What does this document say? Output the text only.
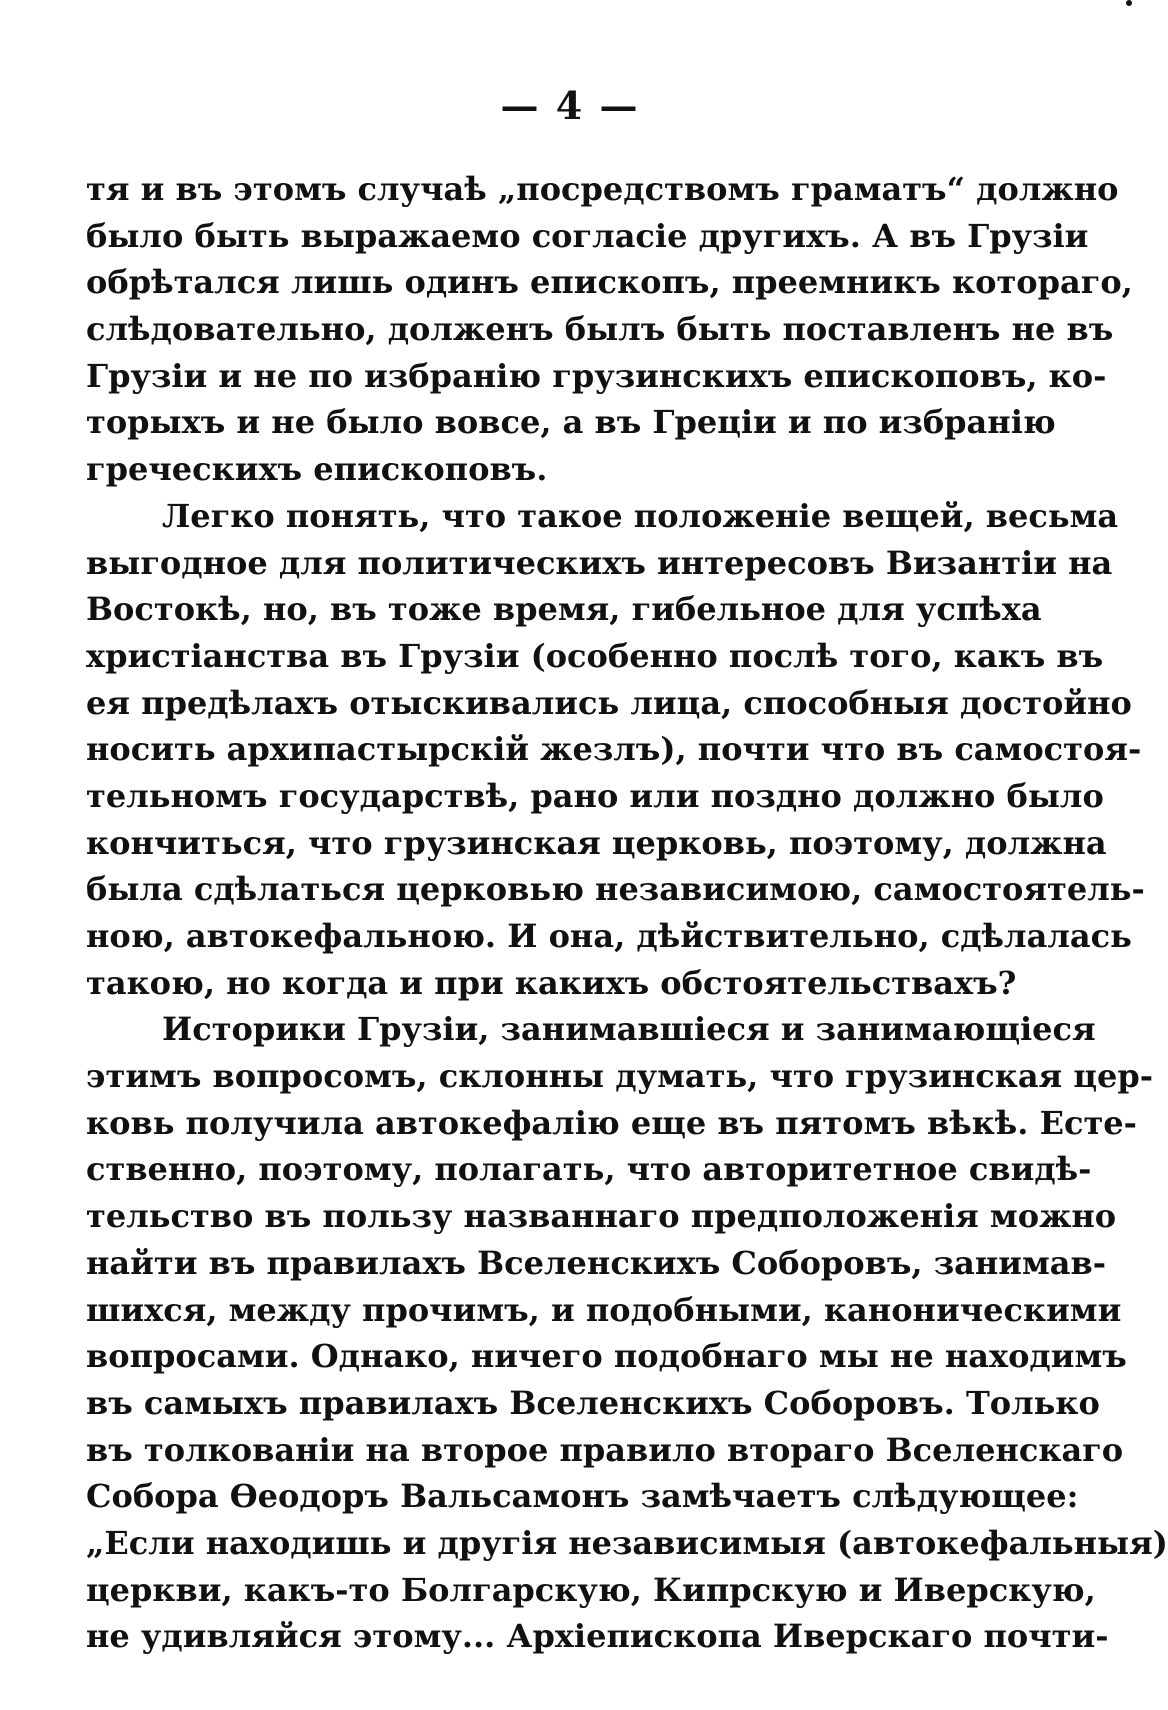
— 4 —
тя и въ этомъ случаѣ „посредствомъ граматъ“ должно
было быть выражаемо согласіе другихъ. А въ Грузіи
обрѣтался лишь одинъ епископъ, преемникъ котораго,
слѣдовательно, долженъ былъ быть поставленъ не въ
Грузіи и не по избранію грузинскихъ епископовъ, ко-
торыхъ и не было вовсе, а въ Греціи и по избранію
греческихъ епископовъ.
Легко понять, что такое положеніе вещей, весьма
выгодное для политическихъ интересовъ Византіи на
Востокѣ, но, въ тоже время, гибельное для успѣха
христіанства въ Грузіи (особенно послѣ того, какъ въ
ея предѣлахъ отыскивались лица, способныя достойно
носить архипастырскій жезлъ), почти что въ самостоя-
тельномъ государствѣ, рано или поздно должно было
кончиться, что грузинская церковь, поэтому, должна
была сдѣлаться церковью независимою, самостоятель-
ною, автокефальною. И она, дѣйствительно, сдѣлалась
такою, но когда и при какихъ обстоятельствахъ?
Историки Грузіи, занимавшіеся и занимающіеся
этимъ вопросомъ, склонны думать, что грузинская цер-
ковь получила автокефалію еще въ пятомъ вѣкѣ. Есте-
ственно, поэтому, полагать, что авторитетное свидѣ-
тельство въ пользу названнаго предположенія можно
найти въ правилахъ Вселенскихъ Соборовъ, занимав-
шихся, между прочимъ, и подобными, каноническими
вопросами. Однако, ничего подобнаго мы не находимъ
въ самыхъ правилахъ Вселенскихъ Соборовъ. Только
въ толкованіи на второе правило втораго Вселенскаго
Собора Ѳеодоръ Вальсамонъ замѣчаетъ слѣдующее:
„Если находишь и другія независимыя (автокефальныя)
церкви, какъ-то Болгарскую, Кипрскую и Иверскую,
не удивляйся этому... Архіепископа Иверскаго почти-
